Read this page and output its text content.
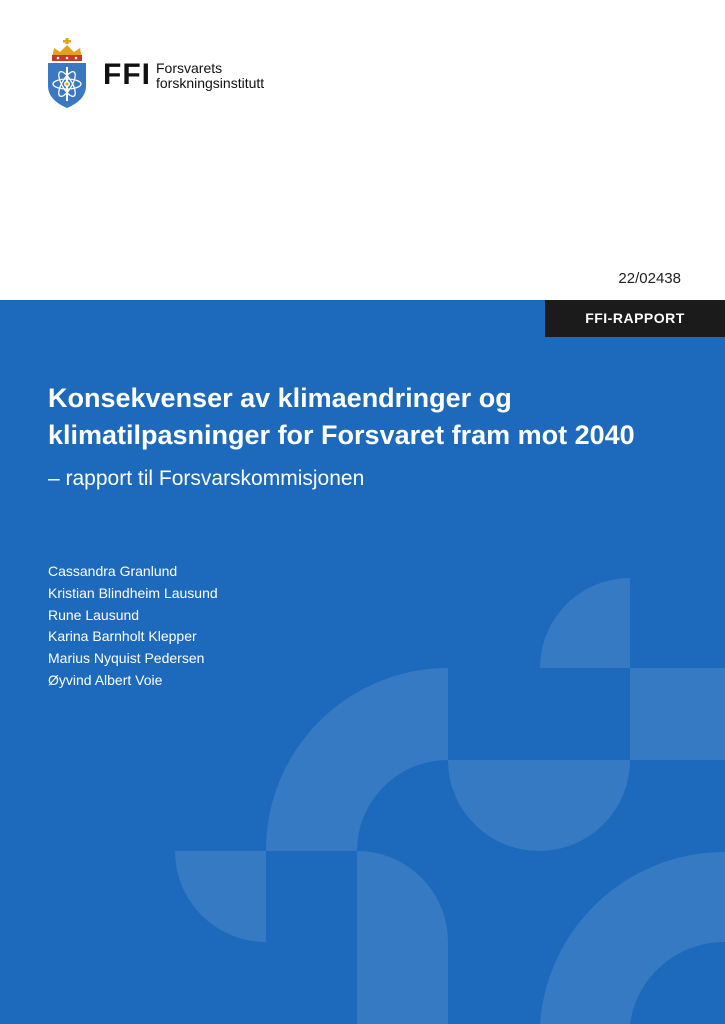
FFI Forsvarets
forskningsinstitutt
22/02438
FFI-RAPPORT
Konsekvenser av klimaendringer og
klimatilpasninger for Forsvaret fram mot 2040

– rapport til Forsvarskommisjonen

Cassandra Granlund
Kristian Blindheim Lausund
Rune Lausund
Karina Barnholt Klepper
Marius Nyquist Pedersen
Øyvind Albert Voie
